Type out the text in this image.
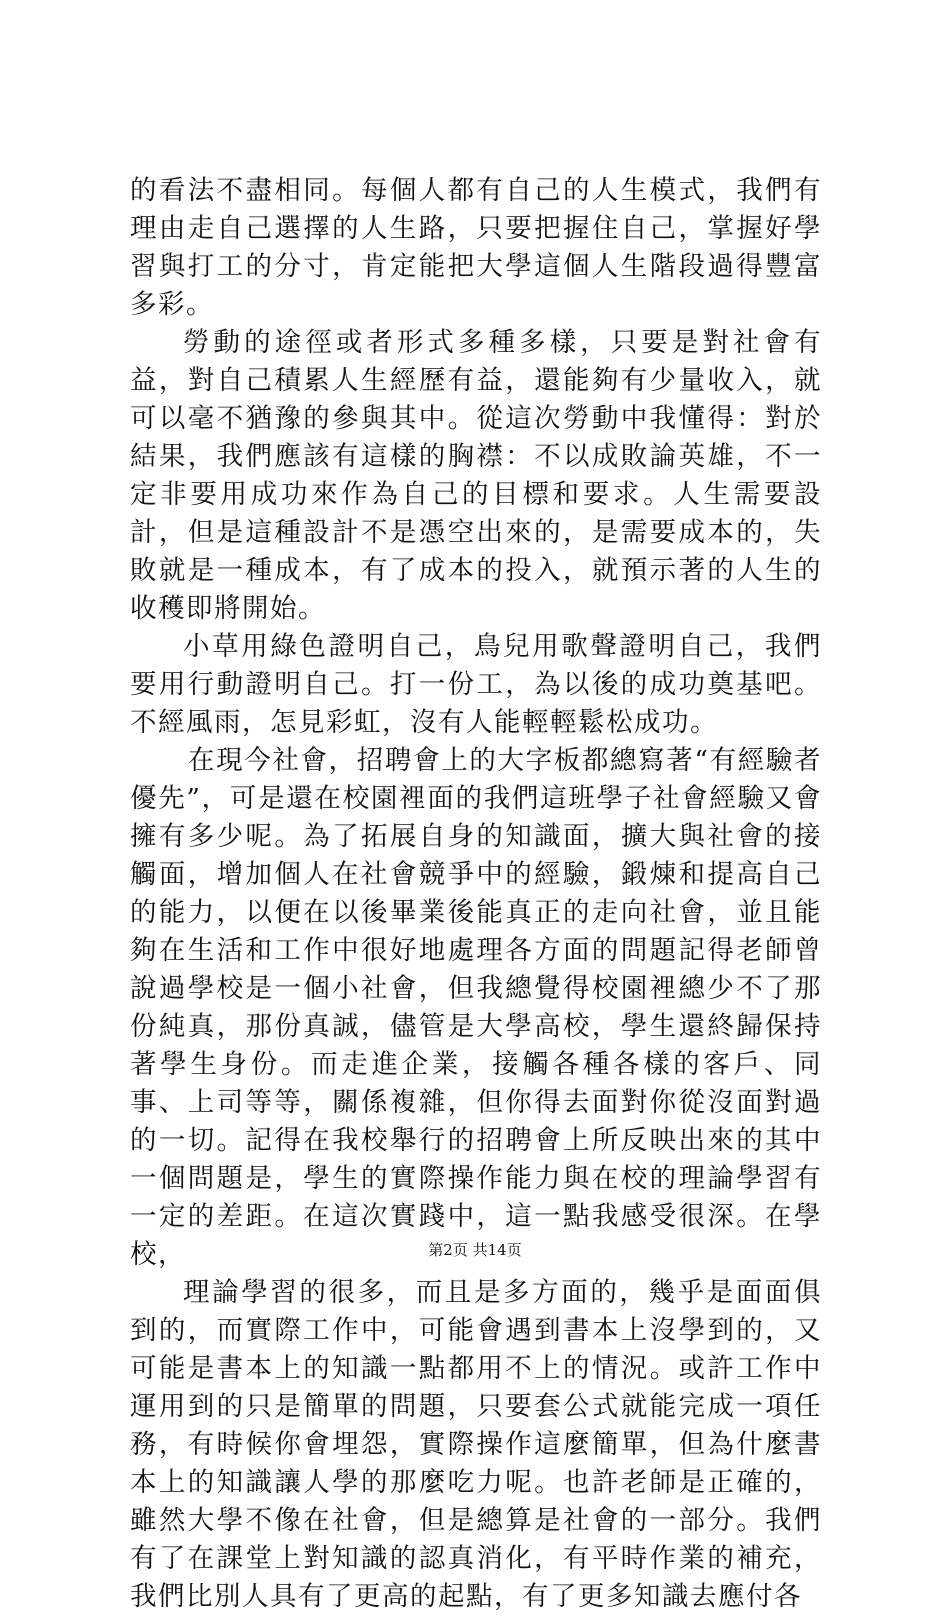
的看法不盡相同。每個人都有自己的人生模式，我們有理由走自己選擇的人生路，只要把握住自己，掌握好學習與打工的分寸，肯定能把大學這個人生階段過得豐富多彩。

勞動的途徑或者形式多種多樣，只要是對社會有益，對自己積累人生經歷有益，還能夠有少量收入，就可以毫不猶豫的參與其中。從這次勞動中我懂得：對於結果，我們應該有這樣的胸襟：不以成敗論英雄，不一定非要用成功來作為自己的目標和要求。人生需要設計，但是這種設計不是憑空出來的，是需要成本的，失敗就是一種成本，有了成本的投入，就預示著的人生的收穫即將開始。

小草用綠色證明自己，鳥兒用歌聲證明自己，我們要用行動證明自己。打一份工，為以後的成功奠基吧。不經風雨，怎見彩虹，沒有人能輕輕鬆松成功。

在現今社會，招聘會上的大字板都總寫著“有經驗者優先”，可是還在校園裡面的我們這班學子社會經驗又會擁有多少呢。為了拓展自身的知識面，擴大與社會的接觸面，增加個人在社會競爭中的經驗，鍛煉和提高自己的能力，以便在以後畢業後能真正的走向社會，並且能夠在生活和工作中很好地處理各方面的問題記得老師曾說過學校是一個小社會，但我總覺得校園裡總少不了那份純真，那份真誠，儘管是大學高校，學生還終歸保持著學生身份。而走進企業，接觸各種各樣的客戶、同事、上司等等，關係複雜，但你得去面對你從沒面對過的一切。記得在我校舉行的招聘會上所反映出來的其中一個問題是，學生的實際操作能力與在校的理論學習有一定的差距。在這次實踐中，這一點我感受很深。在學校，

理論學習的很多，而且是多方面的，幾乎是面面俱到的，而實際工作中，可能會遇到書本上沒學到的，又可能是書本上的知識一點都用不上的情況。或許工作中運用到的只是簡單的問題，只要套公式就能完成一項任務，有時候你會埋怨，實際操作這麼簡單，但為什麼書本上的知識讓人學的那麼吃力呢。也許老師是正確的，雖然大學不像在社會，但是總算是社會的一部分。我們有了在課堂上對知識的認真消化，有平時作業的補充，我們比別人具有了更高的起點，有了更多知識去應付各

第2页 共14页
